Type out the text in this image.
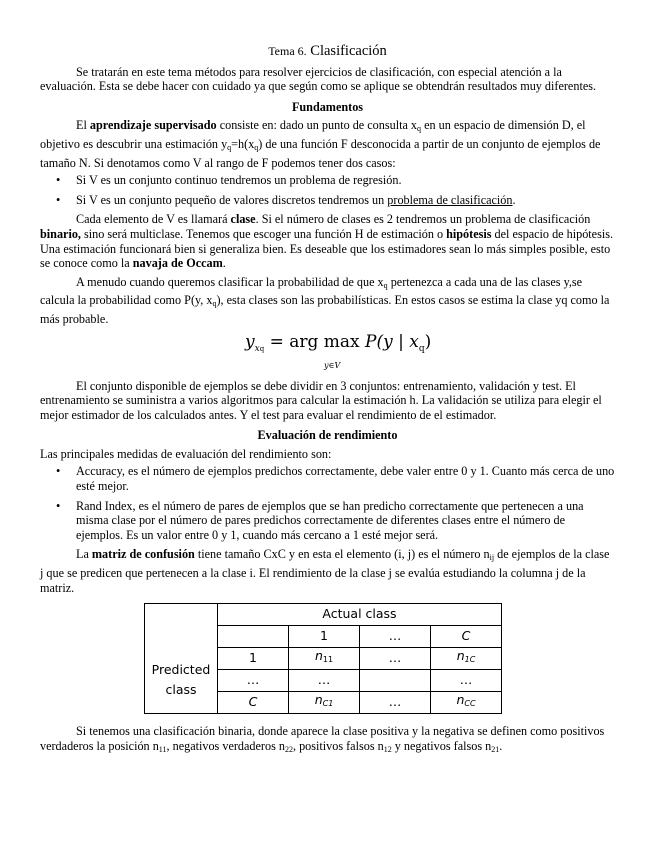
Tema 6. Clasificación

Se tratarán en este tema métodos para resolver ejercicios de clasificación, con especial atención a la evaluación. Esta se debe hacer con cuidado ya que según como se aplique se obtendrán resultados muy diferentes.

Fundamentos

El aprendizaje supervisado consiste en: dado un punto de consulta $x_q$ en un espacio de dimensión D, el objetivo es descubrir una estimación $y_q=h(x_q)$ de una función F desconocida a partir de un conjunto de ejemplos de tamaño N. Si denotamos como V al rango de F podemos tener dos casos:

• Si V es un conjunto continuo tendremos un problema de regresión.
• Si V es un conjunto pequeño de valores discretos tendremos un problema de clasificación.

Cada elemento de V es llamará clase. Si el número de clases es 2 tendremos un problema de clasificación binario, sino será multiclase. Tenemos que escoger una función H de estimación o hipótesis del espacio de hipótesis. Una estimación funcionará bien si generaliza bien. Es deseable que los estimadores sean lo más simples posible, esto se conoce como la navaja de Occam.

A menudo cuando queremos clasificar la probabilidad de que $x_q$ pertenezca a cada una de las clases y,se calcula la probabilidad como P(y, $x_q$), esta clases son las probabilísticas. En estos casos se estima la clase yq como la más probable.

$y_{xq}$ = arg max P(y | $x_q$)
y∈V

El conjunto disponible de ejemplos se debe dividir en 3 conjuntos: entrenamiento, validación y test. El entrenamiento se suministra a varios algoritmos para calcular la estimación h. La validación se utiliza para elegir el mejor estimador de los calculados antes. Y el test para evaluar el rendimiento de el estimador.

Evaluación de rendimiento

Las principales medidas de evaluación del rendimiento son:

• Accuracy, es el número de ejemplos predichos correctamente, debe valer entre 0 y 1. Cuanto más cerca de uno esté mejor.
• Rand Index, es el número de pares de ejemplos que se han predicho correctamente que pertenecen a una misma clase por el número de pares predichos correctamente de diferentes clases entre el número de ejemplos. Es un valor entre 0 y 1, cuando más cercano a 1 esté mejor será.

La matriz de confusión tiene tamaño CxC y en esta el elemento (i, j) es el número $n_{ij}$ de ejemplos de la clase j que se predicen que pertenecen a la clase i. El rendimiento de la clase j se evalúa estudiando la columna j de la matriz.

	Actual class			
		1	…	C
Predicted
class	1	$n_{11}$	…	$n_{1C}$
	…	…		…
	C	$n_{C1}$	…	$n_{CC}$

Si tenemos una clasificación binaria, donde aparece la clase positiva y la negativa se definen como positivos verdaderos la posición $n_{11}$, negativos verdaderos $n_{22}$, positivos falsos $n_{12}$ y negativos falsos $n_{21}$.
